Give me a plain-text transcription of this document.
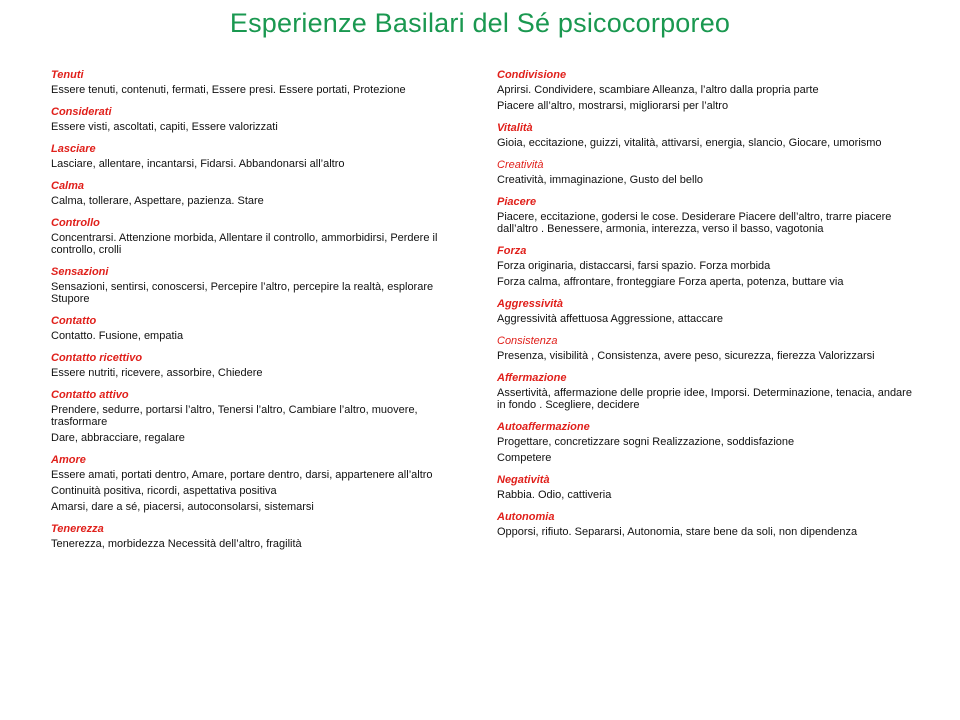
Esperienze Basilari del Sé psicocorporeo
Tenuti
Essere tenuti, contenuti, fermati, Essere presi. Essere portati, Protezione
Considerati
Essere visti, ascoltati, capiti, Essere valorizzati
Lasciare
Lasciare, allentare, incantarsi, Fidarsi. Abbandonarsi all’altro
Calma
Calma, tollerare, Aspettare, pazienza. Stare
Controllo
Concentrarsi. Attenzione morbida, Allentare il controllo, ammorbidirsi, Perdere il controllo, crolli
Sensazioni
Sensazioni, sentirsi, conoscersi, Percepire l’altro, percepire la realtà, esplorare Stupore
Contatto
Contatto. Fusione, empatia
Contatto ricettivo
Essere nutriti, ricevere, assorbire, Chiedere
Contatto attivo
Prendere, sedurre, portarsi l’altro, Tenersi l’altro, Cambiare l’altro, muovere, trasformare
Dare, abbracciare, regalare
Amore
Essere amati, portati dentro, Amare, portare dentro, darsi, appartenere all’altro
Continuità positiva, ricordi, aspettativa positiva
Amarsi, dare a sé, piacersi, autoconsolarsi, sistemarsi
Tenerezza
Tenerezza, morbidezza Necessità dell’altro, fragilità
Condivisione
Aprirsi. Condividere, scambiare Alleanza, l’altro dalla propria parte
Piacere all’altro, mostrarsi, migliorarsi per l’altro
Vitalità
Gioia, eccitazione, guizzi, vitalità, attivarsi, energia, slancio, Giocare, umorismo
Creatività
Creatività, immaginazione, Gusto del bello
Piacere
Piacere, eccitazione, godersi le cose. Desiderare Piacere dell’altro, trarre piacere dall’altro . Benessere, armonia, interezza, verso il basso, vagotonia
Forza
Forza originaria, distaccarsi, farsi spazio. Forza morbida
Forza calma, affrontare, fronteggiare Forza aperta, potenza, buttare via
Aggressività
Aggressività affettuosa Aggressione, attaccare
Consistenza
Presenza, visibilità , Consistenza, avere peso, sicurezza, fierezza Valorizzarsi
Affermazione
Assertività, affermazione delle proprie idee, Imporsi. Determinazione, tenacia, andare in fondo . Scegliere, decidere
Autoaffermazione
Progettare, concretizzare sogni Realizzazione, soddisfazione
Competere
Negatività
Rabbia. Odio, cattiveria
Autonomia
Opporsi, rifiuto. Separarsi, Autonomia, stare bene da soli, non dipendenza
